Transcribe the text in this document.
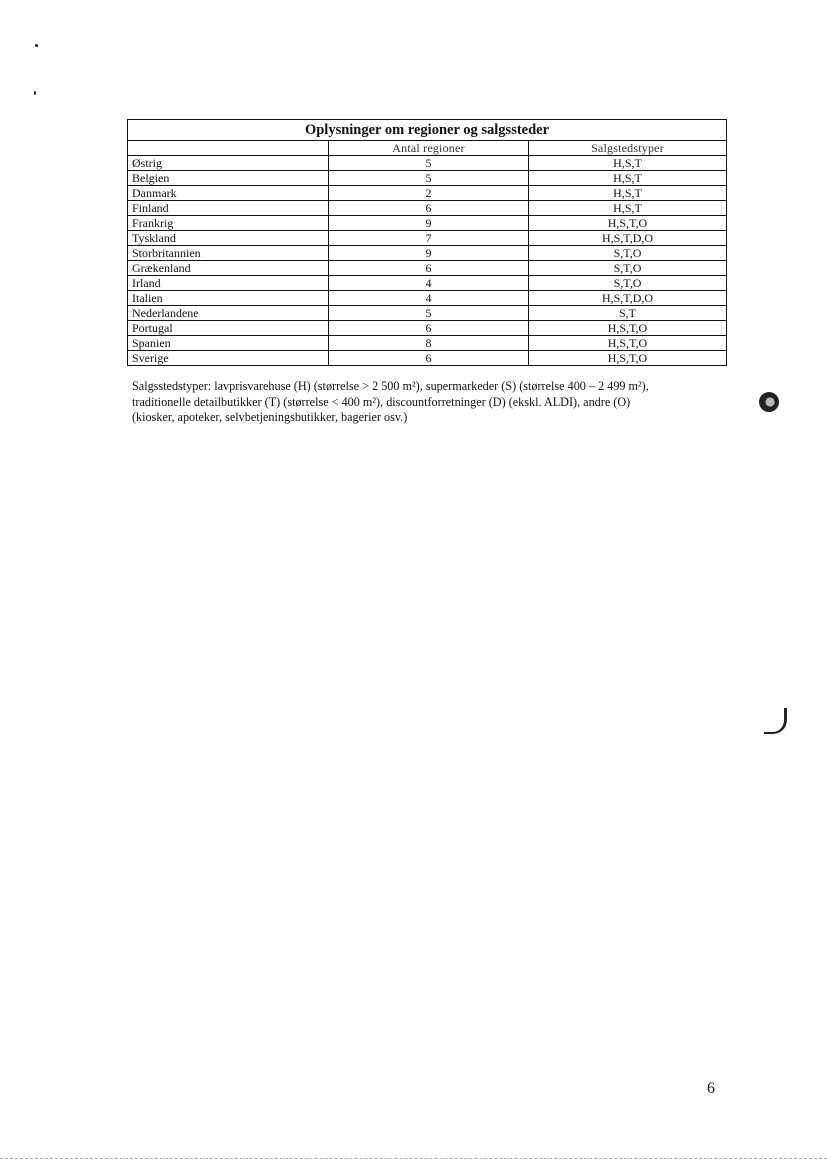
Oplysninger om regioner og salgssteder		
	Antal regioner	Salgstedstyper
Østrig	5	H,S,T
Belgien	5	H,S,T
Danmark	2	H,S,T
Finland	6	H,S,T
Frankrig	9	H,S,T,O
Tyskland	7	H,S,T,D,O
Storbritannien	9	S,T,O
Grækenland	6	S,T,O
Irland	4	S,T,O
Italien	4	H,S,T,D,O
Nederlandene	5	S,T
Portugal	6	H,S,T,O
Spanien	8	H,S,T,O
Sverige	6	H,S,T,O

Salgsstedstyper: lavprisvarehuse (H) (størrelse > 2 500 m²), supermarkeder (S) (størrelse 400 – 2 499 m²),

traditionelle detailbutikker (T) (størrelse < 400 m²), discountforretninger (D) (ekskl. ALDI), andre (O)

(kiosker, apoteker, selvbetjeningsbutikker, bagerier osv.)

6
